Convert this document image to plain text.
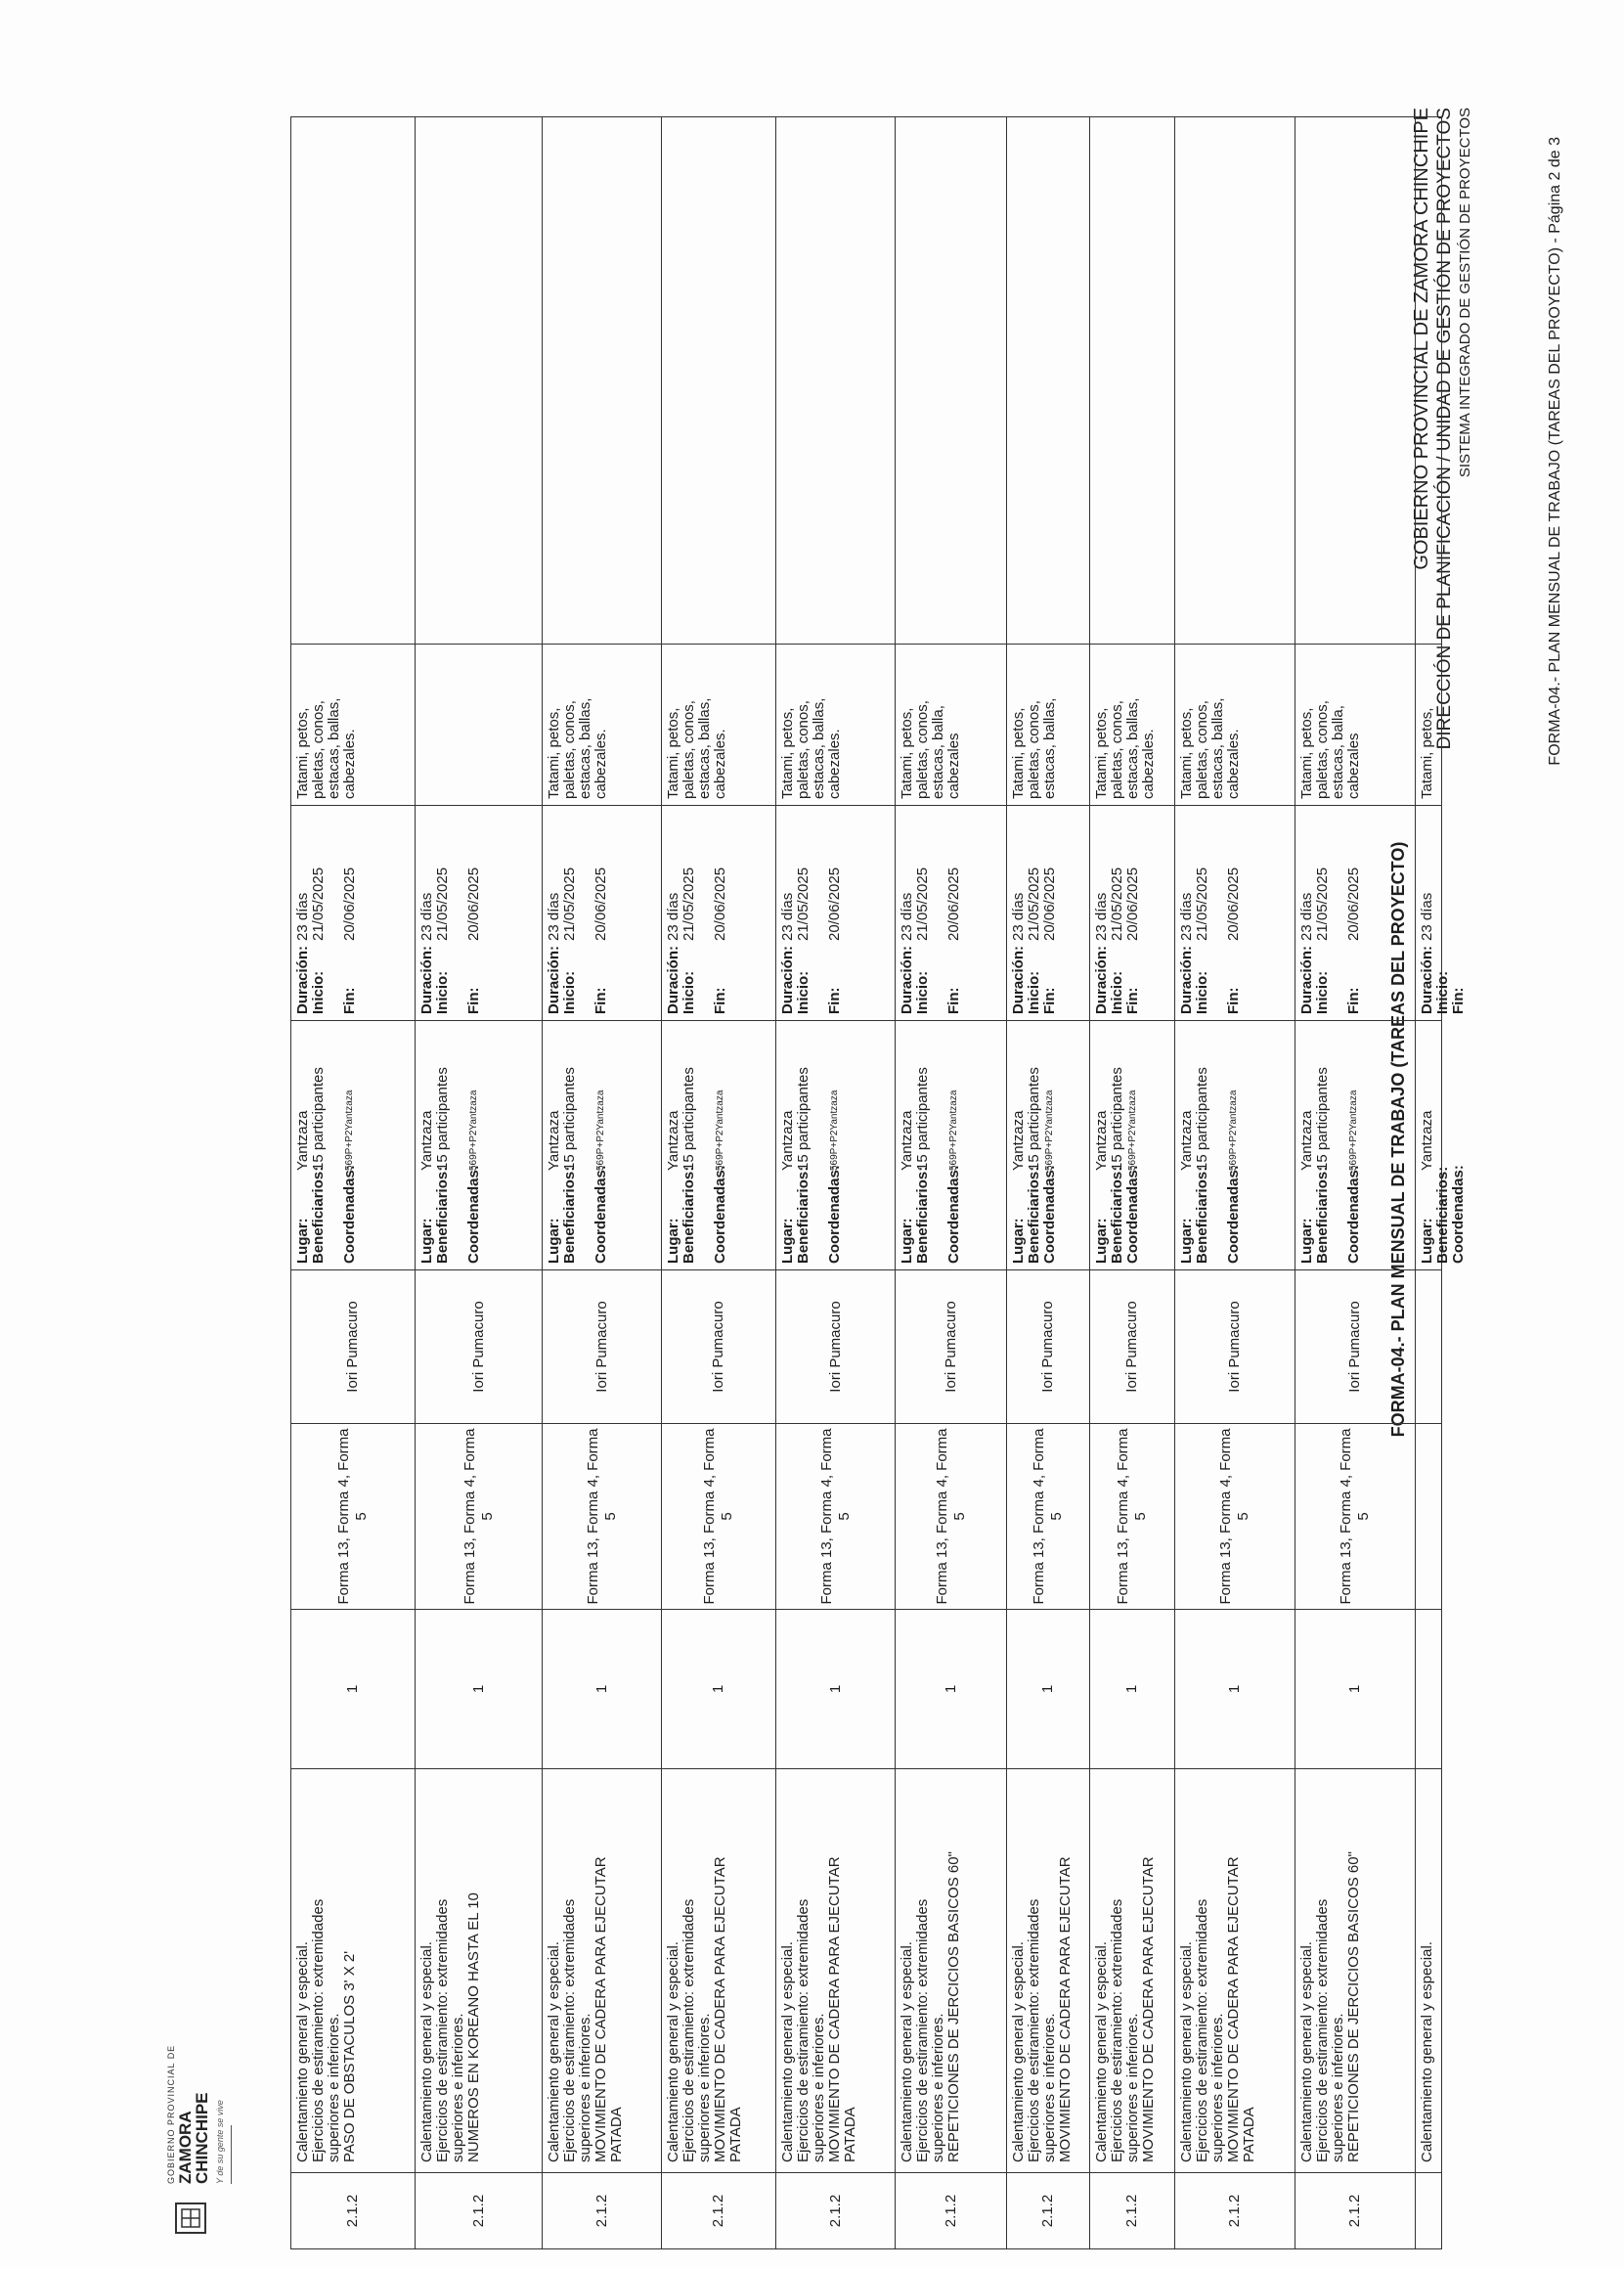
GOBIERNO PROVINCIAL DE ZAMORA
CHINCHIPE Y de su gente se vive
GOBIERNO PROVINCIAL DE ZAMORA CHINCHIPE DIRECCIÓN DE PLANIFICACIÓN / UNIDAD DE GESTIÓN DE PROYECTOS SISTEMA INTEGRADO DE GESTIÓN DE PROYECTOS
FORMA-04.- PLAN MENSUAL DE TRABAJO (TAREAS DEL PROYECTO)
2.1.2
Calentamiento general y especial. Ejercicios de estiramiento: extremidades superiores e inferiores. PASO DE OBSTACULOS 3' X 2'
1
Forma 13, Forma 4, Forma 5
Iori Pumacuro
Lugar:
Yantzaza
Beneficiarios:
15 participantes
Coordenadas:
569P+P2Yantzaza
Duración:
23 días
Inicio:
21/05/2025
Fin:
20/06/2025
Tatami, petos, paletas, conos, estacas, ballas, cabezales.
2.1.2
Calentamiento general y especial. Ejercicios de estiramiento: extremidades superiores e inferiores. NUMEROS EN KOREANO HASTA EL 10
1
Forma 13, Forma 4, Forma 5
Iori Pumacuro
Lugar:
Yantzaza
Beneficiarios:
15 participantes
Coordenadas:
569P+P2Yantzaza
Duración:
23 días
Inicio:
21/05/2025
Fin:
20/06/2025
2.1.2
Calentamiento general y especial. Ejercicios de estiramiento: extremidades superiores e inferiores. MOVIMIENTO DE CADERA PARA EJECUTAR PATADA
1
Forma 13, Forma 4, Forma 5
Iori Pumacuro
Lugar:
Yantzaza
Beneficiarios:
15 participantes
Coordenadas:
569P+P2Yantzaza
Duración:
23 días
Inicio:
21/05/2025
Fin:
20/06/2025
Tatami, petos, paletas, conos, estacas, ballas, cabezales.
2.1.2
Calentamiento general y especial. Ejercicios de estiramiento: extremidades superiores e inferiores. MOVIMIENTO DE CADERA PARA EJECUTAR PATADA
1
Forma 13, Forma 4, Forma 5
Iori Pumacuro
Lugar:
Yantzaza
Beneficiarios:
15 participantes
Coordenadas:
569P+P2Yantzaza
Duración:
23 días
Inicio:
21/05/2025
Fin:
20/06/2025
Tatami, petos, paletas, conos, estacas, ballas, cabezales.
2.1.2
Calentamiento general y especial. Ejercicios de estiramiento: extremidades superiores e inferiores. MOVIMIENTO DE CADERA PARA EJECUTAR PATADA
1
Forma 13, Forma 4, Forma 5
Iori Pumacuro
Lugar:
Yantzaza
Beneficiarios:
15 participantes
Coordenadas:
569P+P2Yantzaza
Duración:
23 días
Inicio:
21/05/2025
Fin:
20/06/2025
Tatami, petos, paletas, conos, estacas, ballas, cabezales.
2.1.2
Calentamiento general y especial. Ejercicios de estiramiento: extremidades superiores e inferiores. REPETICIONES DE JERCICIOS BASICOS 60"
1
Forma 13, Forma 4, Forma 5
Iori Pumacuro
Lugar:
Yantzaza
Beneficiarios:
15 participantes
Coordenadas:
569P+P2Yantzaza
Duración:
23 días
Inicio:
21/05/2025
Fin:
20/06/2025
Tatami, petos, paletas, conos, estacas, balla, cabezales
2.1.2
Calentamiento general y especial. Ejercicios de estiramiento: extremidades superiores e inferiores. MOVIMIENTO DE CADERA PARA EJECUTAR
1
Forma 13, Forma 4, Forma 5
Iori Pumacuro
Lugar:
Yantzaza
Beneficiarios:
15 participantes
Coordenadas:
569P+P2Yantzaza
Duración:
23 días
Inicio:
21/05/2025
Fin:
20/06/2025
Tatami, petos, paletas, conos, estacas, ballas,
2.1.2
Calentamiento general y especial. Ejercicios de estiramiento: extremidades superiores e inferiores. MOVIMIENTO DE CADERA PARA EJECUTAR
1
Forma 13, Forma 4, Forma 5
Iori Pumacuro
Lugar:
Yantzaza
Beneficiarios:
15 participantes
Coordenadas:
569P+P2Yantzaza
Duración:
23 días
Inicio:
21/05/2025
Fin:
20/06/2025
Tatami, petos, paletas, conos, estacas, ballas, cabezales.
2.1.2
Calentamiento general y especial. Ejercicios de estiramiento: extremidades superiores e inferiores. MOVIMIENTO DE CADERA PARA EJECUTAR PATADA
1
Forma 13, Forma 4, Forma 5
Iori Pumacuro
Lugar:
Yantzaza
Beneficiarios:
15 participantes
Coordenadas:
569P+P2Yantzaza
Duración:
23 días
Inicio:
21/05/2025
Fin:
20/06/2025
Tatami, petos, paletas, conos, estacas, ballas, cabezales.
2.1.2
Calentamiento general y especial. Ejercicios de estiramiento: extremidades superiores e inferiores. REPETICIONES DE JERCICIOS BASICOS 60"
1
Forma 13, Forma 4, Forma 5
Iori Pumacuro
Lugar:
Yantzaza
Beneficiarios:
15 participantes
Coordenadas:
569P+P2Yantzaza
Duración:
23 días
Inicio:
21/05/2025
Fin:
20/06/2025
Tatami, petos, paletas, conos, estacas, balla, cabezales
Calentamiento general y especial.
Lugar:
Yantzaza
Beneficiarios: Coordenadas:
Duración:
23 días
Inicio: Fin:
Tatami, petos,	FORMA-04.- PLAN MENSUAL DE TRABAJO (TAREAS DEL PROYECTO) - Página 2 de 3
